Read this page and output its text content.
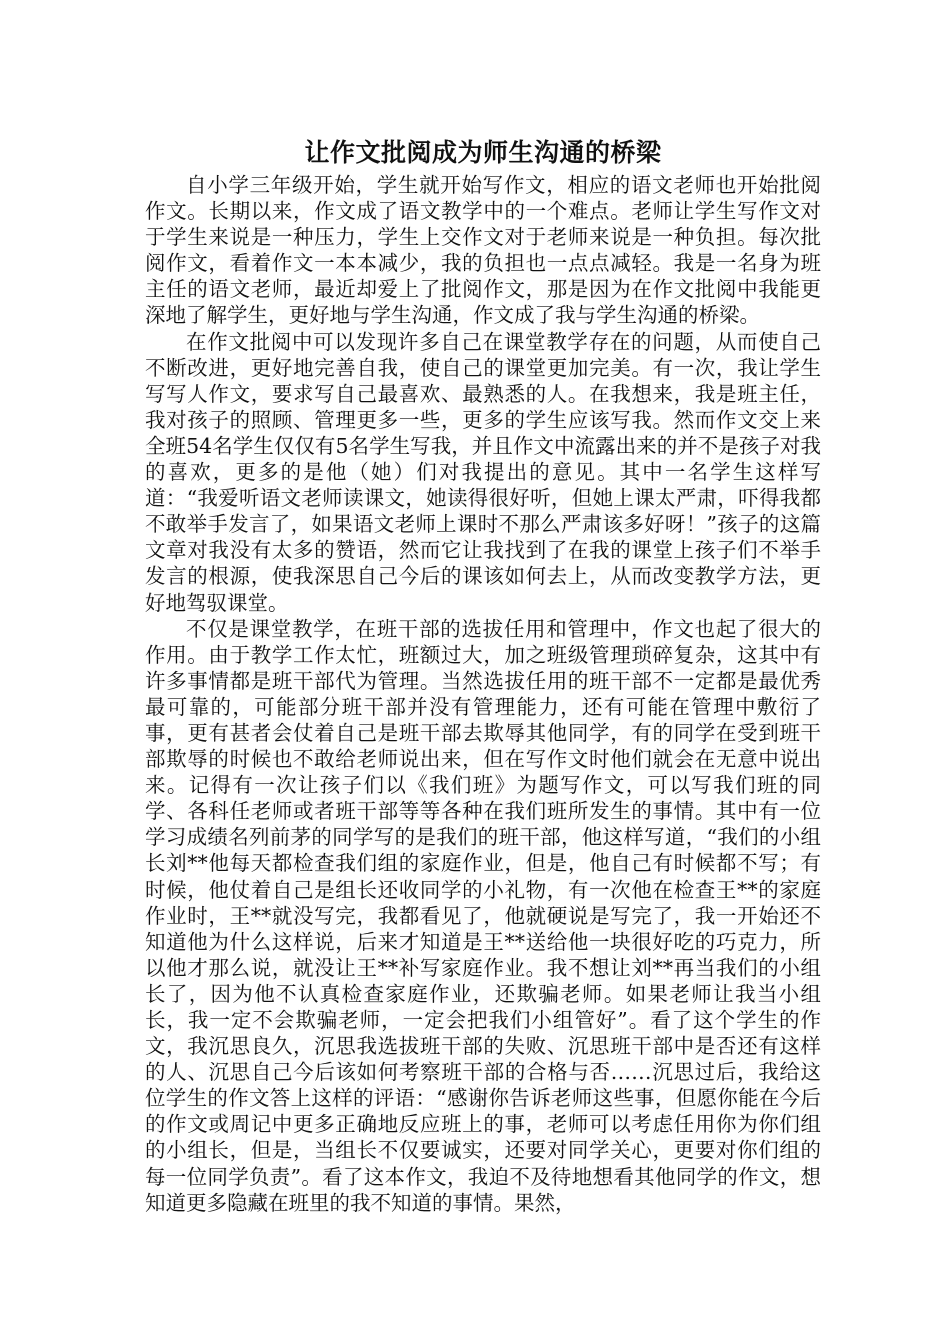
让作文批阅成为师生沟通的桥梁

自小学三年级开始，学生就开始写作文，相应的语文老师也开始批阅作文。长期以来，作文成了语文教学中的一个难点。老师让学生写作文对于学生来说是一种压力，学生上交作文对于老师来说是一种负担。每次批阅作文，看着作文一本本减少，我的负担也一点点减轻。我是一名身为班主任的语文老师，最近却爱上了批阅作文，那是因为在作文批阅中我能更深地了解学生，更好地与学生沟通，作文成了我与学生沟通的桥梁。

在作文批阅中可以发现许多自己在课堂教学存在的问题，从而使自己不断改进，更好地完善自我，使自己的课堂更加完美。有一次，我让学生写写人作文，要求写自己最喜欢、最熟悉的人。在我想来，我是班主任，我对孩子的照顾、管理更多一些，更多的学生应该写我。然而作文交上来全班54名学生仅仅有5名学生写我，并且作文中流露出来的并不是孩子对我的喜欢，更多的是他（她）们对我提出的意见。其中一名学生这样写道：“我爱听语文老师读课文，她读得很好听，但她上课太严肃，吓得我都不敢举手发言了，如果语文老师上课时不那么严肃该多好呀！”孩子的这篇文章对我没有太多的赞语，然而它让我找到了在我的课堂上孩子们不举手发言的根源，使我深思自己今后的课该如何去上，从而改变教学方法，更好地驾驭课堂。

不仅是课堂教学，在班干部的选拔任用和管理中，作文也起了很大的作用。由于教学工作太忙，班额过大，加之班级管理琐碎复杂，这其中有许多事情都是班干部代为管理。当然选拔任用的班干部不一定都是最优秀最可靠的，可能部分班干部并没有管理能力，还有可能在管理中敷衍了事，更有甚者会仗着自己是班干部去欺辱其他同学，有的同学在受到班干部欺辱的时候也不敢给老师说出来，但在写作文时他们就会在无意中说出来。记得有一次让孩子们以《我们班》为题写作文，可以写我们班的同学、各科任老师或者班干部等等各种在我们班所发生的事情。其中有一位学习成绩名列前茅的同学写的是我们的班干部，他这样写道，“我们的小组长刘**他每天都检查我们组的家庭作业，但是，他自己有时候都不写；有时候，他仗着自己是组长还收同学的小礼物，有一次他在检查王**的家庭作业时，王**就没写完，我都看见了，他就硬说是写完了，我一开始还不知道他为什么这样说，后来才知道是王**送给他一块很好吃的巧克力，所以他才那么说，就没让王**补写家庭作业。我不想让刘**再当我们的小组长了，因为他不认真检查家庭作业，还欺骗老师。如果老师让我当小组长，我一定不会欺骗老师，一定会把我们小组管好”。看了这个学生的作文，我沉思良久，沉思我选拔班干部的失败、沉思班干部中是否还有这样的人、沉思自己今后该如何考察班干部的合格与否……沉思过后，我给这位学生的作文答上这样的评语：“感谢你告诉老师这些事，但愿你能在今后的作文或周记中更多正确地反应班上的事，老师可以考虑任用你为你们组的小组长，但是，当组长不仅要诚实，还要对同学关心，更要对你们组的每一位同学负责”。看了这本作文，我迫不及待地想看其他同学的作文，想知道更多隐藏在班里的我不知道的事情。果然，
